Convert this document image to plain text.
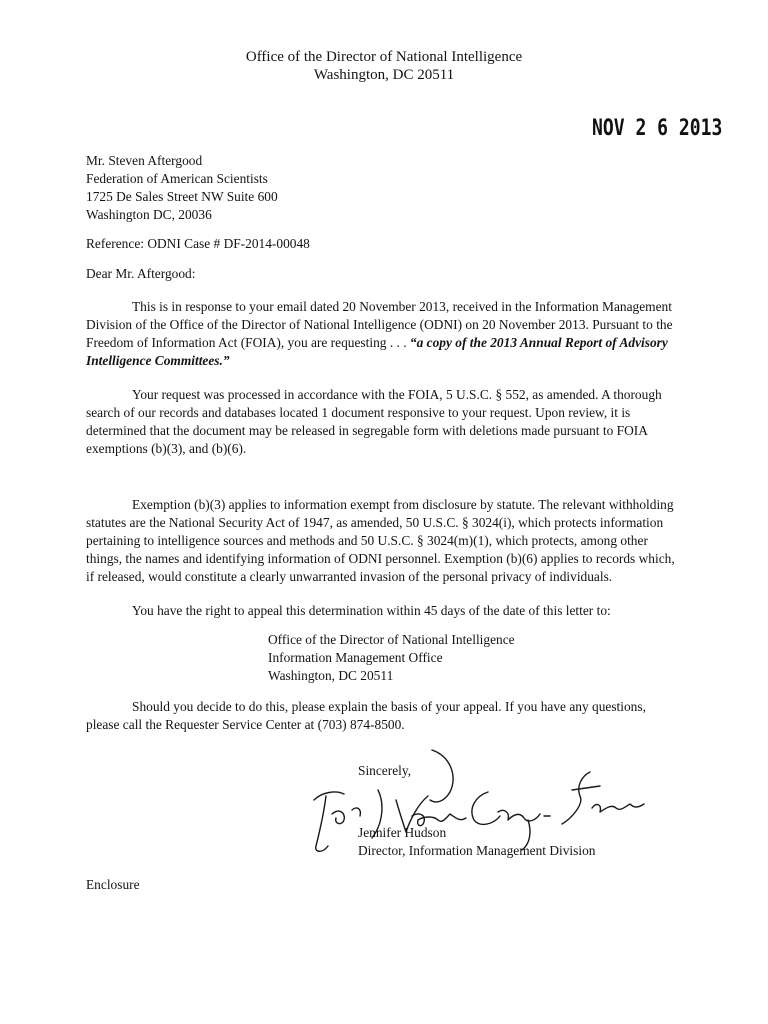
Office of the Director of National Intelligence
Washington, DC 20511
NOV 2 6 2013
Mr. Steven Aftergood
Federation of American Scientists
1725 De Sales Street NW Suite 600
Washington DC, 20036
Reference: ODNI Case # DF-2014-00048
Dear Mr. Aftergood:

This is in response to your email dated 20 November 2013, received in the Information Management Division of the Office of the Director of National Intelligence (ODNI) on 20 November 2013. Pursuant to the Freedom of Information Act (FOIA), you are requesting . . . “a copy of the 2013 Annual Report of Advisory Intelligence Committees.”

Your request was processed in accordance with the FOIA, 5 U.S.C. § 552, as amended. A thorough search of our records and databases located 1 document responsive to your request. Upon review, it is determined that the document may be released in segregable form with deletions made pursuant to FOIA exemptions (b)(3), and (b)(6).

Exemption (b)(3) applies to information exempt from disclosure by statute. The relevant withholding statutes are the National Security Act of 1947, as amended, 50 U.S.C. § 3024(i), which protects information pertaining to intelligence sources and methods and 50 U.S.C. § 3024(m)(1), which protects, among other things, the names and identifying information of ODNI personnel. Exemption (b)(6) applies to records which, if released, would constitute a clearly unwarranted invasion of the personal privacy of individuals.

You have the right to appeal this determination within 45 days of the date of this letter to:

Office of the Director of National Intelligence
Information Management Office
Washington, DC 20511

Should you decide to do this, please explain the basis of your appeal. If you have any questions, please call the Requester Service Center at (703) 874-8500.

Sincerely,
Jennifer Hudson
Director, Information Management Division
Enclosure
